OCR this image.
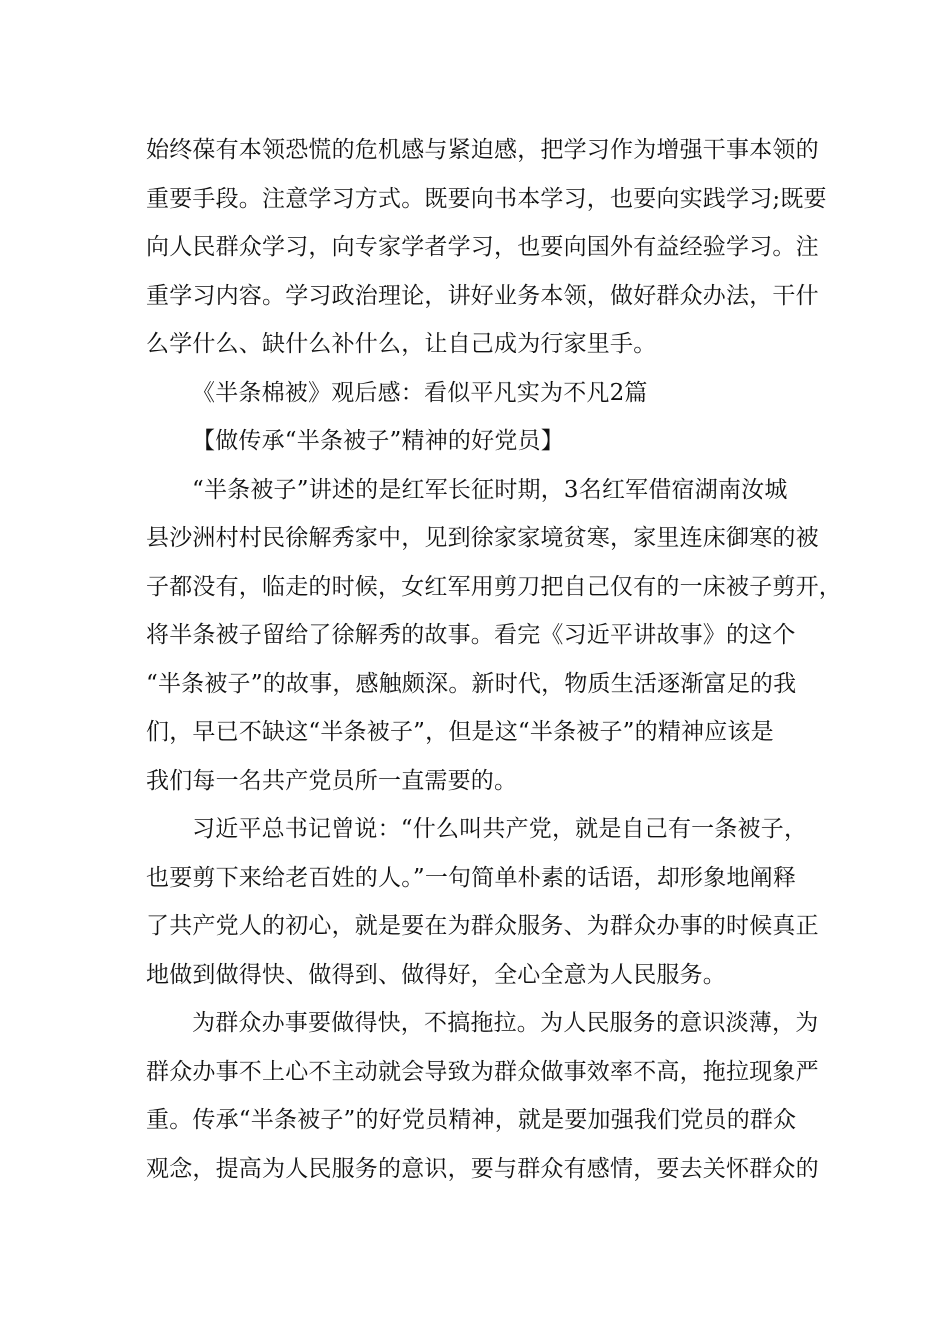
始终葆有本领恐慌的危机感与紧迫感，把学习作为增强干事本领的
重要手段。注意学习方式。既要向书本学习，也要向实践学习;既要
向人民群众学习，向专家学者学习，也要向国外有益经验学习。注
重学习内容。学习政治理论，讲好业务本领，做好群众办法，干什
么学什么、缺什么补什么，让自己成为行家里手。
《半条棉被》观后感：看似平凡实为不凡2篇
【做传承“半条被子”精神的好党员】
“半条被子”讲述的是红军长征时期，3名红军借宿湖南汝城
县沙洲村村民徐解秀家中，见到徐家家境贫寒，家里连床御寒的被
子都没有，临走的时候，女红军用剪刀把自己仅有的一床被子剪开，
将半条被子留给了徐解秀的故事。看完《习近平讲故事》的这个
“半条被子”的故事，感触颇深。新时代，物质生活逐渐富足的我
们，早已不缺这“半条被子”，但是这“半条被子”的精神应该是
我们每一名共产党员所一直需要的。
习近平总书记曾说：“什么叫共产党，就是自己有一条被子，
也要剪下来给老百姓的人。”一句简单朴素的话语，却形象地阐释
了共产党人的初心，就是要在为群众服务、为群众办事的时候真正
地做到做得快、做得到、做得好，全心全意为人民服务。
为群众办事要做得快，不搞拖拉。为人民服务的意识淡薄，为
群众办事不上心不主动就会导致为群众做事效率不高，拖拉现象严
重。传承“半条被子”的好党员精神，就是要加强我们党员的群众
观念，提高为人民服务的意识，要与群众有感情，要去关怀群众的
